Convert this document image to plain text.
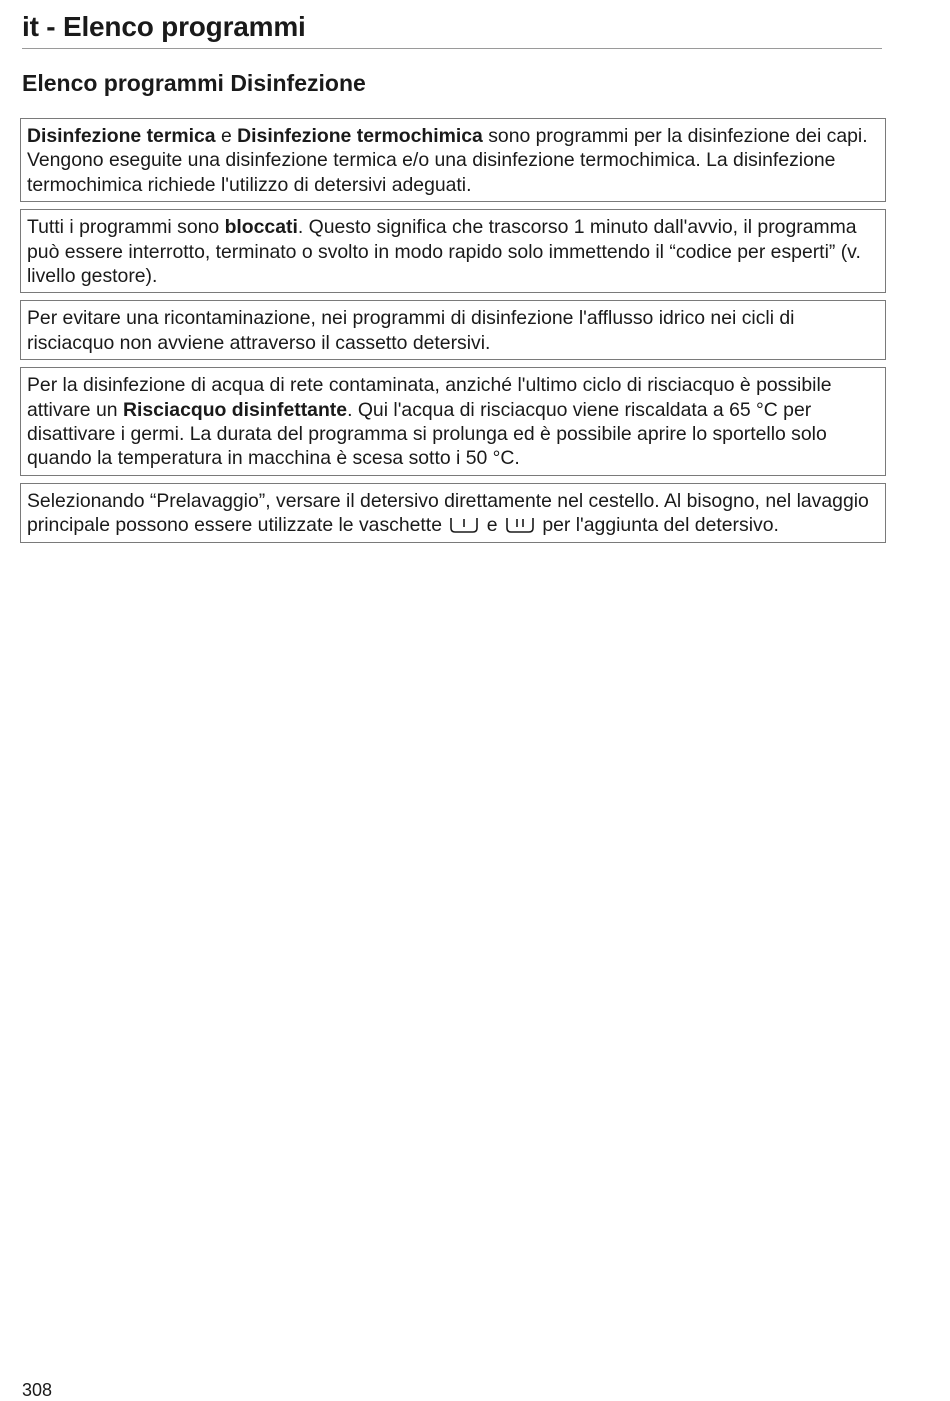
it - Elenco programmi
Elenco programmi Disinfezione

Disinfezione termica e Disinfezione termochimica sono programmi per la disinfezione dei capi.

Vengono eseguite una disinfezione termica e/o una disinfezione termochimica. La disinfezione termochimica richiede l'utilizzo di detersivi adeguati.

Tutti i programmi sono bloccati. Questo significa che trascorso 1 minuto dall'avvio, il programma può essere interrotto, terminato o svolto in modo rapido solo immettendo il “codice per esperti” (v. livello gestore).

Per evitare una ricontaminazione, nei programmi di disinfezione l'afflusso idrico nei cicli di risciacquo non avviene attraverso il cassetto detersivi.

Per la disinfezione di acqua di rete contaminata, anziché l'ultimo ciclo di risciacquo è possibile attivare un Risciacquo disinfettante. Qui l'acqua di risciacquo viene riscaldata a 65 °C per disattivare i germi. La durata del programma si prolunga ed è possibile aprire lo sportello solo quando la temperatura in macchina è scesa sotto i 50 °C.

Selezionando “Prelavaggio”, versare il detersivo direttamente nel cestello. Al bisogno, nel lavaggio principale possono essere utilizzate le vaschette  e  per l'aggiunta del detersivo.

308
